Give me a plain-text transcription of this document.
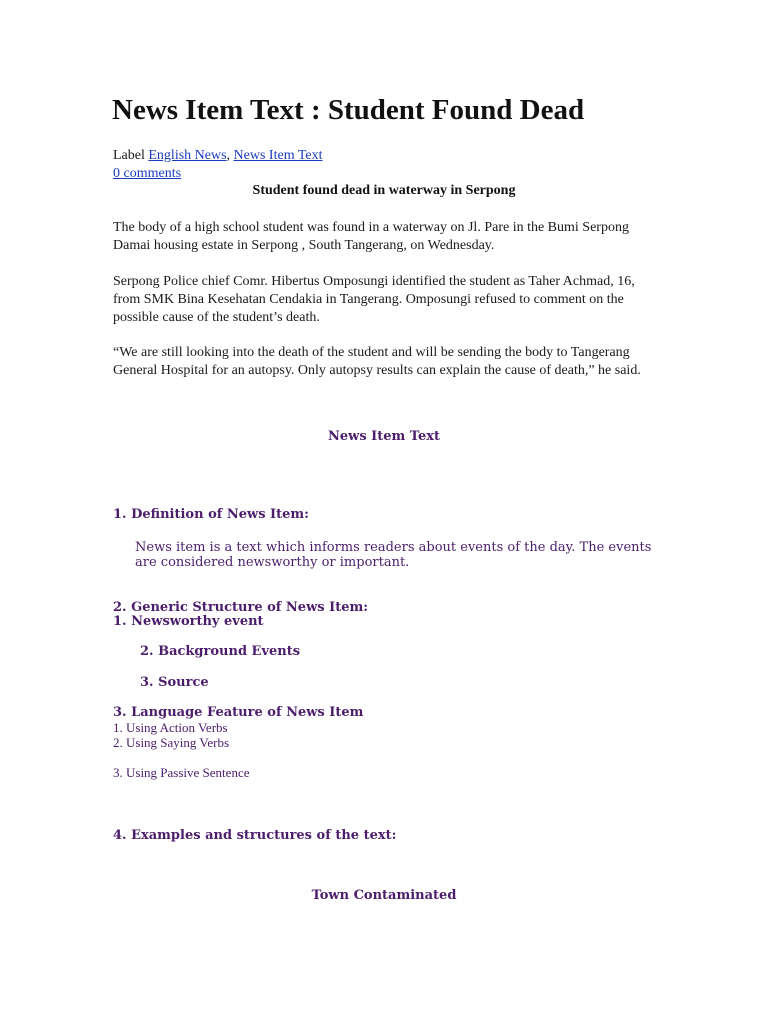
News Item Text : Student Found Dead
Label English News, News Item Text
0 comments
Student found dead in waterway in Serpong
The body of a high school student was found in a waterway on Jl. Pare in the Bumi Serpong Damai housing estate in Serpong , South Tangerang, on Wednesday.
Serpong Police chief Comr. Hibertus Omposungi identified the student as Taher Achmad, 16, from SMK Bina Kesehatan Cendakia in Tangerang. Omposungi refused to comment on the possible cause of the student’s death.
“We are still looking into the death of the student and will be sending the body to Tangerang General Hospital for an autopsy. Only autopsy results can explain the cause of death,” he said.
News Item Text
1. Definition of News Item:
News item is a text which informs readers about events of the day. The events are considered newsworthy or important.
2. Generic Structure of News Item:
1. Newsworthy event
2. Background Events
3. Source
3. Language Feature of News Item
1. Using Action Verbs
2. Using Saying Verbs
3. Using Passive Sentence
4. Examples and structures of the text:
Town Contaminated
